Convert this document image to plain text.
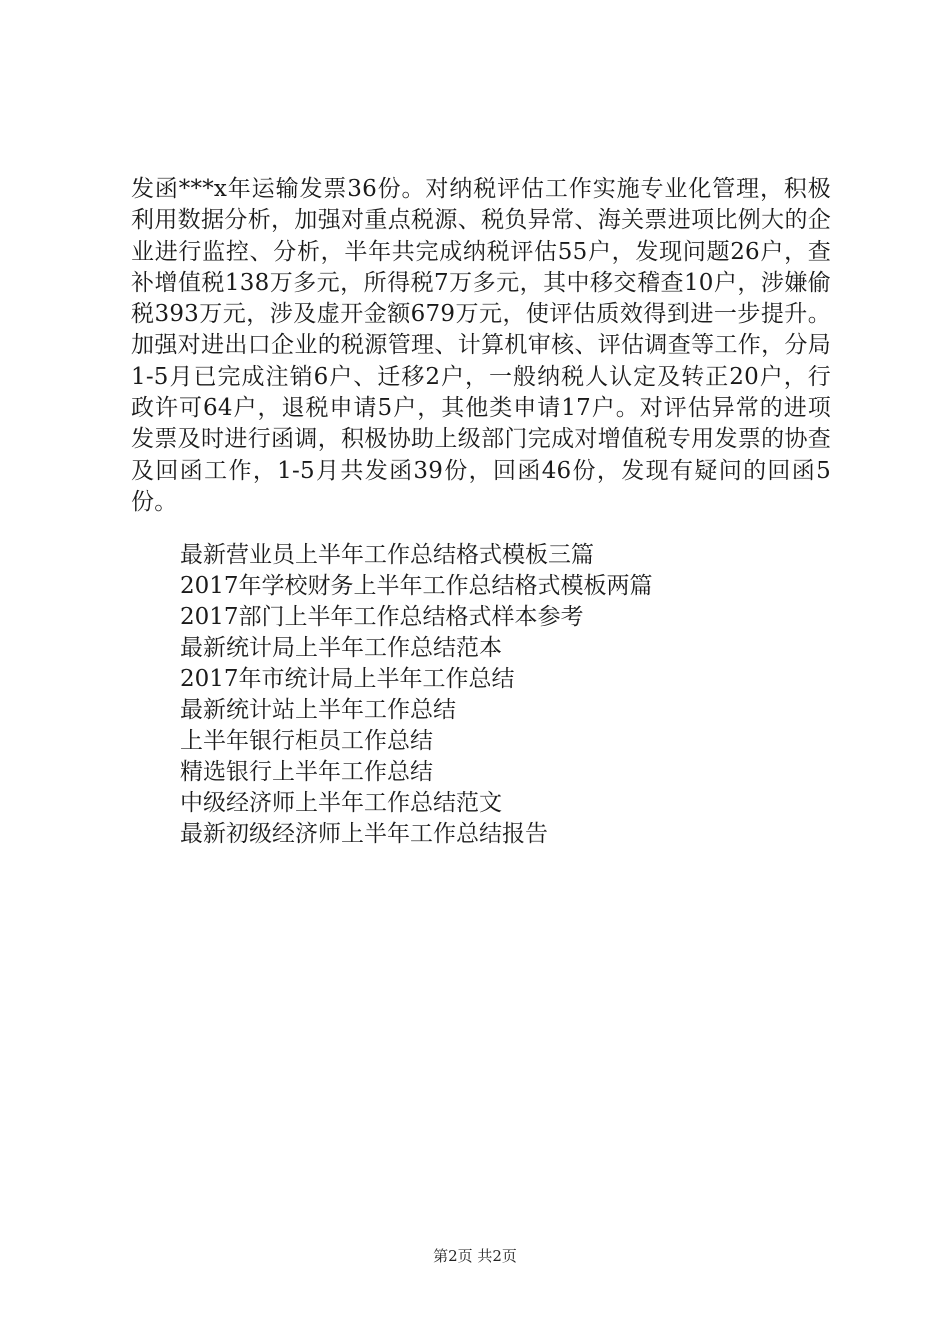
发函***x年运输发票36份。对纳税评估工作实施专业化管理，积极利用数据分析，加强对重点税源、税负异常、海关票进项比例大的企业进行监控、分析，半年共完成纳税评估55户，发现问题26户，查补增值税138万多元，所得税7万多元，其中移交稽查10户，涉嫌偷税393万元，涉及虚开金额679万元，使评估质效得到进一步提升。加强对进出口企业的税源管理、计算机审核、评估调查等工作，分局1-5月已完成注销6户、迁移2户，一般纳税人认定及转正20户，行政许可64户，退税申请5户，其他类申请17户。对评估异常的进项发票及时进行函调，积极协助上级部门完成对增值税专用发票的协查及回函工作，1-5月共发函39份，回函46份，发现有疑问的回函5份。

最新营业员上半年工作总结格式模板三篇
2017年学校财务上半年工作总结格式模板两篇
2017部门上半年工作总结格式样本参考
最新统计局上半年工作总结范本
2017年市统计局上半年工作总结
最新统计站上半年工作总结
上半年银行柜员工作总结
精选银行上半年工作总结
中级经济师上半年工作总结范文
最新初级经济师上半年工作总结报告
第2页 共2页
